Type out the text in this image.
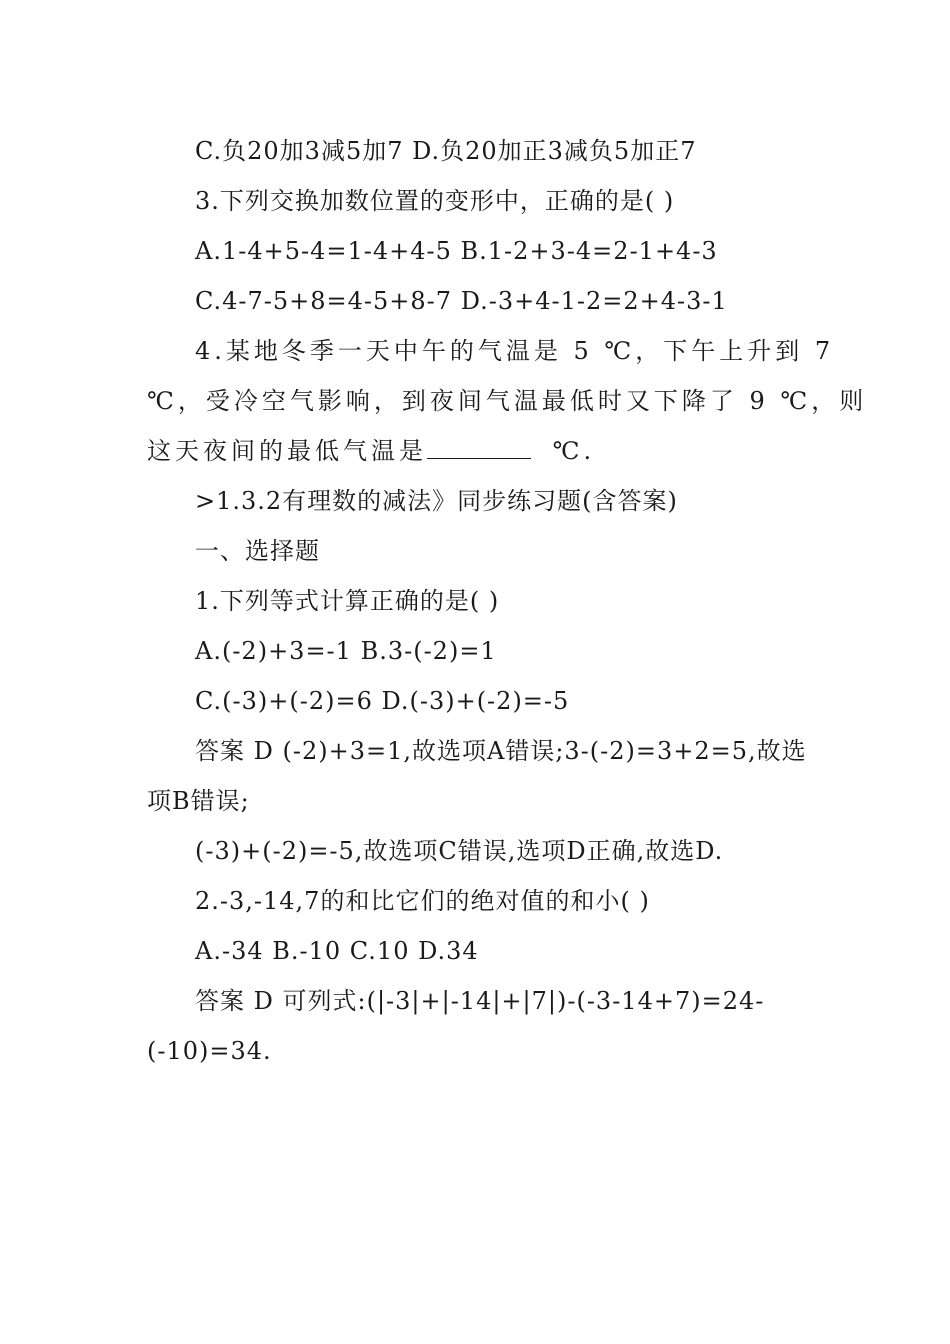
C.负20加3减5加7 D.负20加正3减负5加正7
3.下列交换加数位置的变形中，正确的是( )
A.1-4+5-4=1-4+4-5 B.1-2+3-4=2-1+4-3
C.4-7-5+8=4-5+8-7 D.-3+4-1-2=2+4-3-1
4.某地冬季一天中午的气温是 5 ℃，下午上升到 7
℃，受冷空气影响，到夜间气温最低时又下降了 9 ℃，则
这天夜间的最低气温是	℃.
>1.3.2有理数的减法》同步练习题(含答案)
一、选择题
1.下列等式计算正确的是( )
A.(-2)+3=-1 B.3-(-2)=1
C.(-3)+(-2)=6 D.(-3)+(-2)=-5
答案 D (-2)+3=1,故选项A错误;3-(-2)=3+2=5,故选
项B错误;
(-3)+(-2)=-5,故选项C错误,选项D正确,故选D.
2.-3,-14,7的和比它们的绝对值的和小( )
A.-34 B.-10 C.10 D.34
答案 D 可列式:(|-3|+|-14|+|7|)-(-3-14+7)=24-
(-10)=34.
